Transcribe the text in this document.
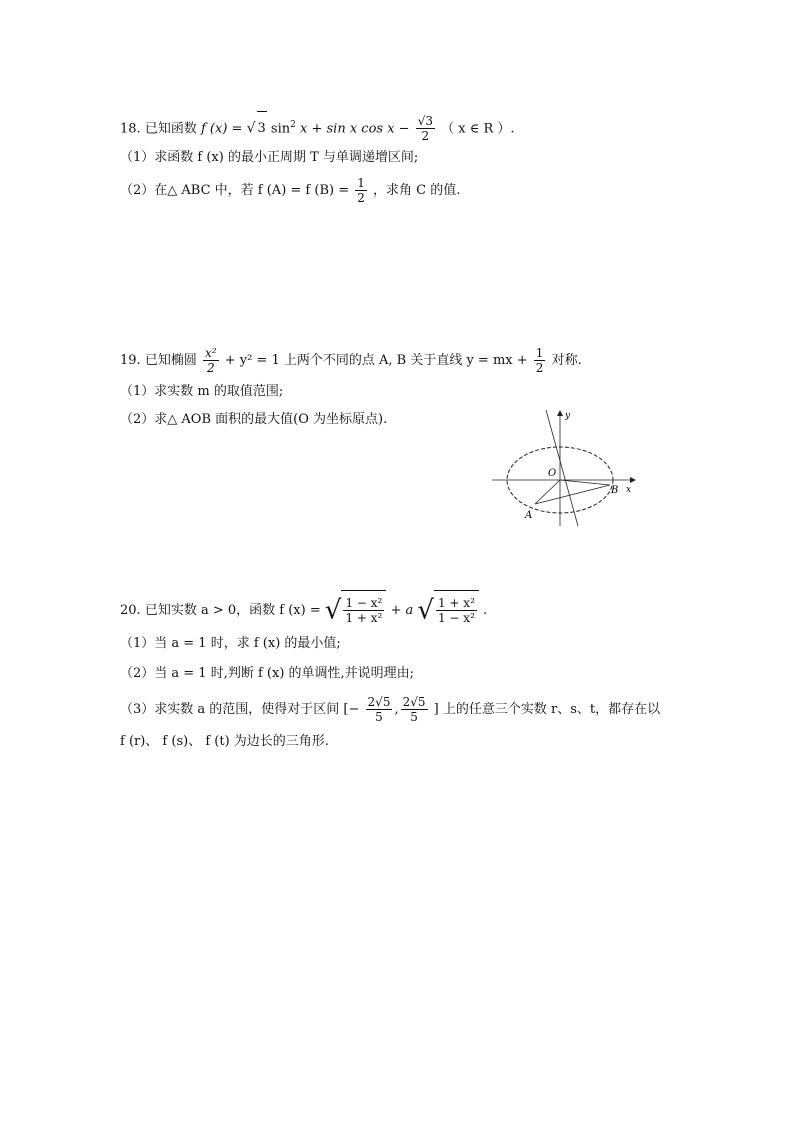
18. 已知函数 f (x) = √ 3 $\sin^2 x + \sin x$ $\cos x - \frac{√3}{2}$ （ x ∈ R ）.
（1）求函数 f (x) 的最小正周期 T 与单调递增区间;
（2）在△ ABC 中，若 f (A) = f $(B) = \frac{1}{2}$ ，求角 C 的值.
19. 已知椭圆 $\frac{\text{x²}}{2} + y^2 = 1$ 上两个不同的点 A, B 关于直线 y = mx + $\frac{1}{2}$ 对称.
（1）求实数 m 的取值范围;
（2）求△ AOB 面积的最大值(O 为坐标原点).	y
x
O
A
B
20. 已知实数 a > 0，函数 f (x) = √ $\frac{\text{1 − x²}}{\text{1 + x²}} + a$ √ $\frac{\text{1 + x²}}{\text{1 − x²}}$ .
（1）当 a = 1 时，求 f (x) 的最小值;
（2）当 a = 1 时,判断 f (x) 的单调性,并说明理由;
（3）求实数 a 的范围，使得对于区间 [− $\frac{2√5}{5}$ , $\frac{2√5}{5}$ ] 上的任意三个实数 r、s、t，都存在以
f (r)、 f (s)、 f (t) 为边长的三角形.
